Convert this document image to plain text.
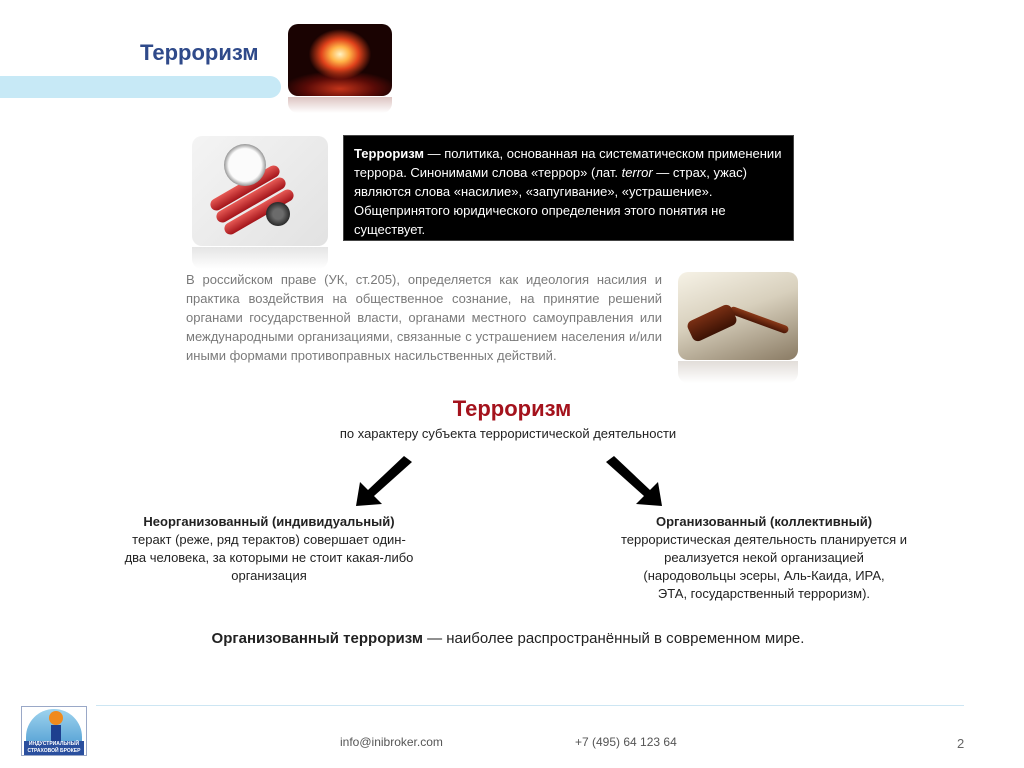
Терроризм
Терроризм — политика, основанная на систематическом применении террора. Синонимами слова «террор» (лат. terror — страх, ужас) являются слова «насилие», «запугивание», «устрашение». Общепринятого юридического определения этого понятия не существует.
В российском праве (УК, ст.205), определяется как идеология насилия и практика воздействия на общественное сознание, на принятие решений органами государственной власти, органами местного самоуправления или международными организациями, связанные с устрашением населения и/или иными формами противоправных насильственных действий.
Терроризм
по характеру субъекта террористической деятельности
Неорганизованный (индивидуальный)
теракт (реже, ряд терактов) совершает один-
два человека, за которыми не стоит какая-либо
организация
Организованный (коллективный)
террористическая деятельность планируется и
реализуется некой организацией
(народовольцы эсеры, Аль-Каида, ИРА,
ЭТА, государственный терроризм).
Организованный терроризм — наиболее распространённый в современном мире.
ИНДУСТРИАЛЬНЫЙ
СТРАХОВОЙ БРОКЕР
info@inibroker.com	+7 (495) 64 123 64	2
